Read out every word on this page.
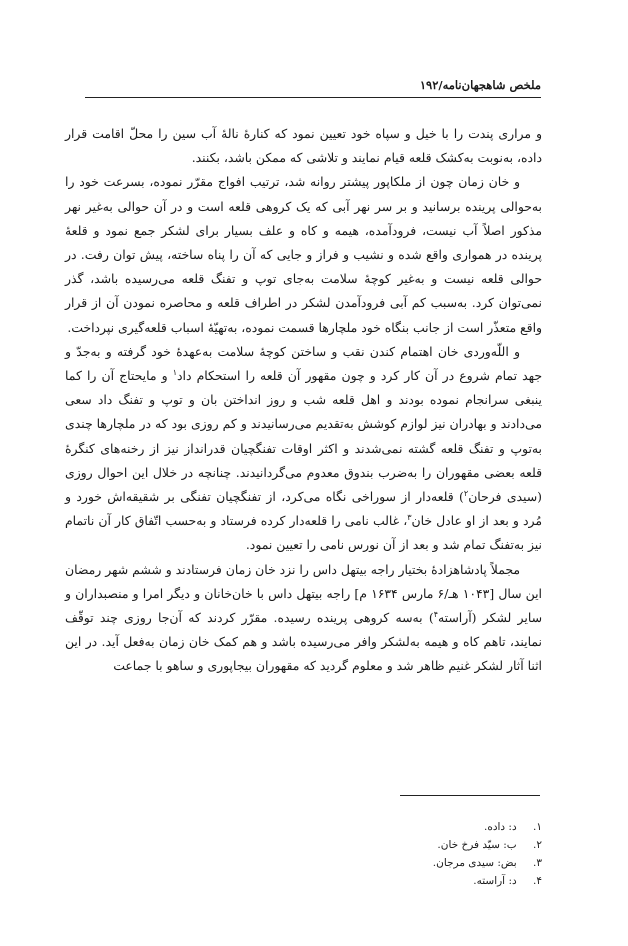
ملخص شاهجهان‌نامه/۱۹۲

و مراری پندت را با خیل و سپاه خود تعیین نمود که کنارهٔ نالهٔ آب سین را محلّ اقامت قرار داده، به‌نوبت به‌کشک قلعه قیام نمایند و تلاشی که ممکن باشد، بکنند.

و خان زمان چون از ملکاپور پیشتر روانه شد، ترتیب افواج مقرّر نموده، بسرعت خود را به‌حوالی پرینده برسانید و بر سر نهر آبی که یک کروهی قلعه است و در آن حوالی به‌غیر نهر مذکور اصلاً آب نیست، فرودآمده، هیمه و کاه و علف بسیار برای لشکر جمع نمود و قلعهٔ پرینده در هموارى واقع شده و نشیب و فراز و جایی که آن را پناه ساخته، پیش توان رفت. در حوالی قلعه نیست و به‌غیر کوچهٔ سلامت به‌جای توپ و تفنگ قلعه می‌رسیده باشد، گذر نمی‌توان کرد. به‌سبب کم آبی فرودآمدن لشکر در اطراف قلعه و محاصره نمودن آن از قرار واقع متعذّر است از جانب بنگاه خود ملچارها قسمت نموده، به‌تهیّهٔ اسباب قلعه‌گیری نپرداخت.

و اللّه‌وردی خان اهتمام کندن نقب و ساختن کوچهٔ سلامت به‌عهدهٔ خود گرفته و به‌جدّ و جهد تمام شروع در آن کار کرد و چون مقهور آن قلعه را استحکام داد$^۱$ و مایحتاج آن را کما ینبغی سرانجام نموده بودند و اهل قلعه شب و روز انداختن بان و توپ و تفنگ داد سعی می‌دادند و بهادران نیز لوازم کوشش به‌تقدیم می‌رسانیدند و کم روزی بود که در ملچارها چندی به‌توپ و تفنگ قلعه گشته نمی‌شدند و اکثر اوقات تفنگچیان قدرانداز نیز از رخنه‌های کنگرهٔ قلعه بعضی مقهوران را به‌ضرب بندوق معدوم می‌گردانیدند. چنانچه در خلال این احوال روزی (سیدی فرحان$^۲$) قلعه‌دار از سوراخی نگاه می‌کرد، از تفنگچیان تفنگی بر شقیقه‌اش خورد و مُرد و بعد از او عادل خان$^۳$، غالب نامی را قلعه‌دار کرده فرستاد و به‌حسب اتّفاق کار آن ناتمام نیز به‌تفنگ تمام شد و بعد از آن نورس نامی را تعیین نمود.

مجملاً پادشاهزادهٔ بختیار راجه بیتهل داس را نزد خان زمان فرستادند و ششم شهر رمضان این سال [۱۰۴۳ هـ/۶ مارس ۱۶۳۴ م] راجه بیتهل داس با خان‌خانان و دیگر امرا و منصبداران و سایر لشکر (آراسته$^۴$) به‌سه کروهی پرینده رسیده. مقرّر کردند که آن‌جا روزی چند توقّف نمایند، تاهم کاه و هیمه به‌لشکر وافر می‌رسیده باشد و هم کمک خان زمان به‌فعل آید. در این اثنا آثار لشکر غنیم ظاهر شد و معلوم گردید که مقهوران بیجاپوری و ساهو با جماعت

۱. د: داده.
۲. ب: سیّد فرخ خان.
۳. بض: سیدی مرجان.
۴. د: آراسته.
